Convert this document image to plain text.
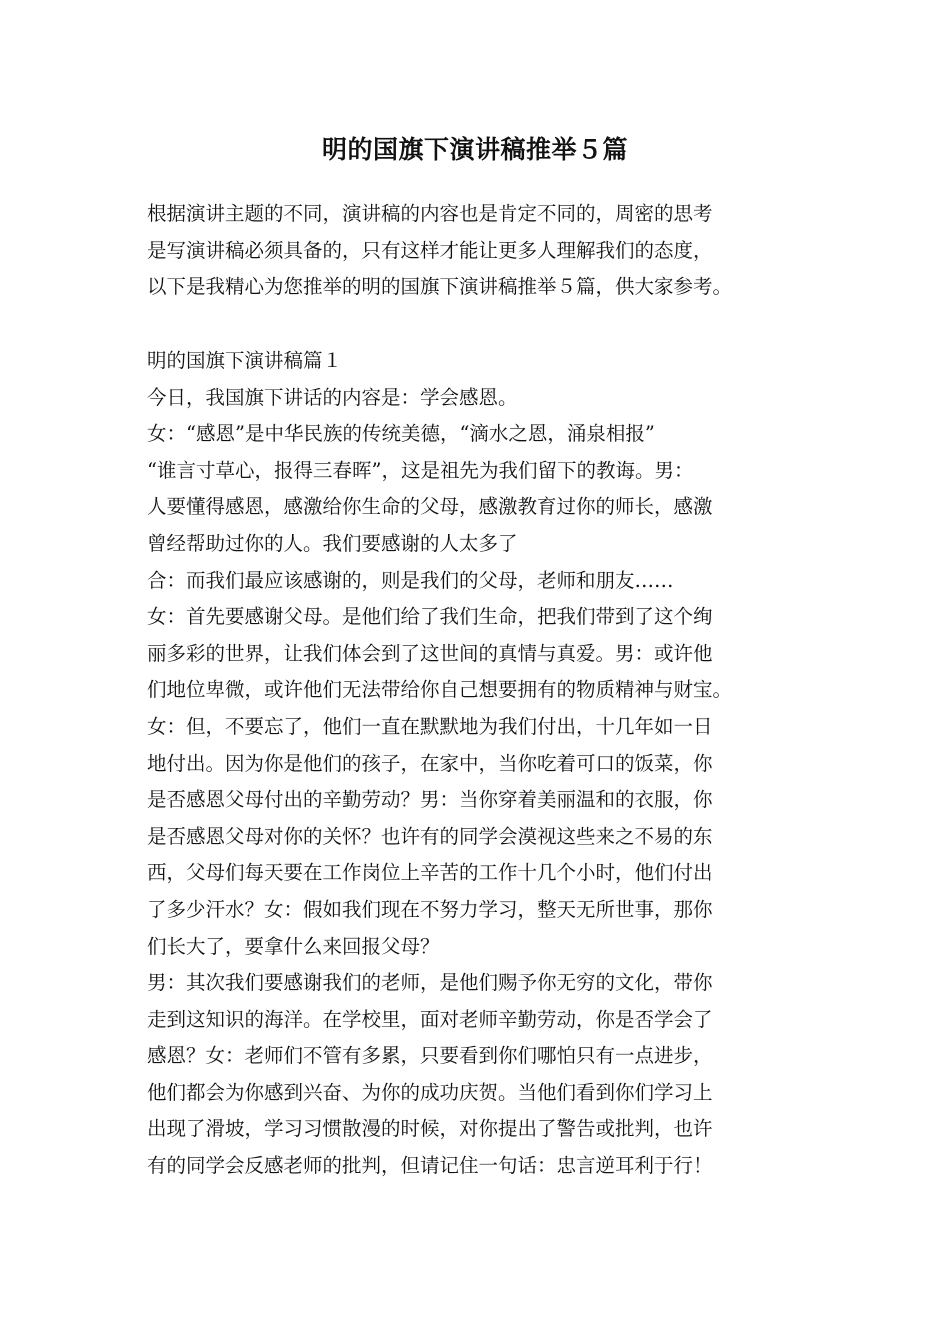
明的国旗下演讲稿推举５篇
根据演讲主题的不同，演讲稿的内容也是肯定不同的，周密的思考
是写演讲稿必须具备的，只有这样才能让更多人理解我们的态度，
以下是我精心为您推举的明的国旗下演讲稿推举５篇，供大家参考。
明的国旗下演讲稿篇１
今日，我国旗下讲话的内容是：学会感恩。
女：“感恩”是中华民族的传统美德，“滴水之恩，涌泉相报”
“谁言寸草心，报得三春晖”，这是祖先为我们留下的教诲。男：
人要懂得感恩，感激给你生命的父母，感激教育过你的师长，感激
曾经帮助过你的人。我们要感谢的人太多了
合：而我们最应该感谢的，则是我们的父母，老师和朋友……
女：首先要感谢父母。是他们给了我们生命，把我们带到了这个绚
丽多彩的世界，让我们体会到了这世间的真情与真爱。男：或许他
们地位卑微，或许他们无法带给你自己想要拥有的物质精神与财宝。
女：但，不要忘了，他们一直在默默地为我们付出，十几年如一日
地付出。因为你是他们的孩子，在家中，当你吃着可口的饭菜，你
是否感恩父母付出的辛勤劳动？男：当你穿着美丽温和的衣服，你
是否感恩父母对你的关怀？也许有的同学会漠视这些来之不易的东
西，父母们每天要在工作岗位上辛苦的工作十几个小时，他们付出
了多少汗水？女：假如我们现在不努力学习，整天无所世事，那你
们长大了，要拿什么来回报父母？
男：其次我们要感谢我们的老师，是他们赐予你无穷的文化，带你
走到这知识的海洋。在学校里，面对老师辛勤劳动，你是否学会了
感恩？女：老师们不管有多累，只要看到你们哪怕只有一点进步，
他们都会为你感到兴奋、为你的成功庆贺。当他们看到你们学习上
出现了滑坡，学习习惯散漫的时候，对你提出了警告或批判，也许
有的同学会反感老师的批判，但请记住一句话：忠言逆耳利于行！
